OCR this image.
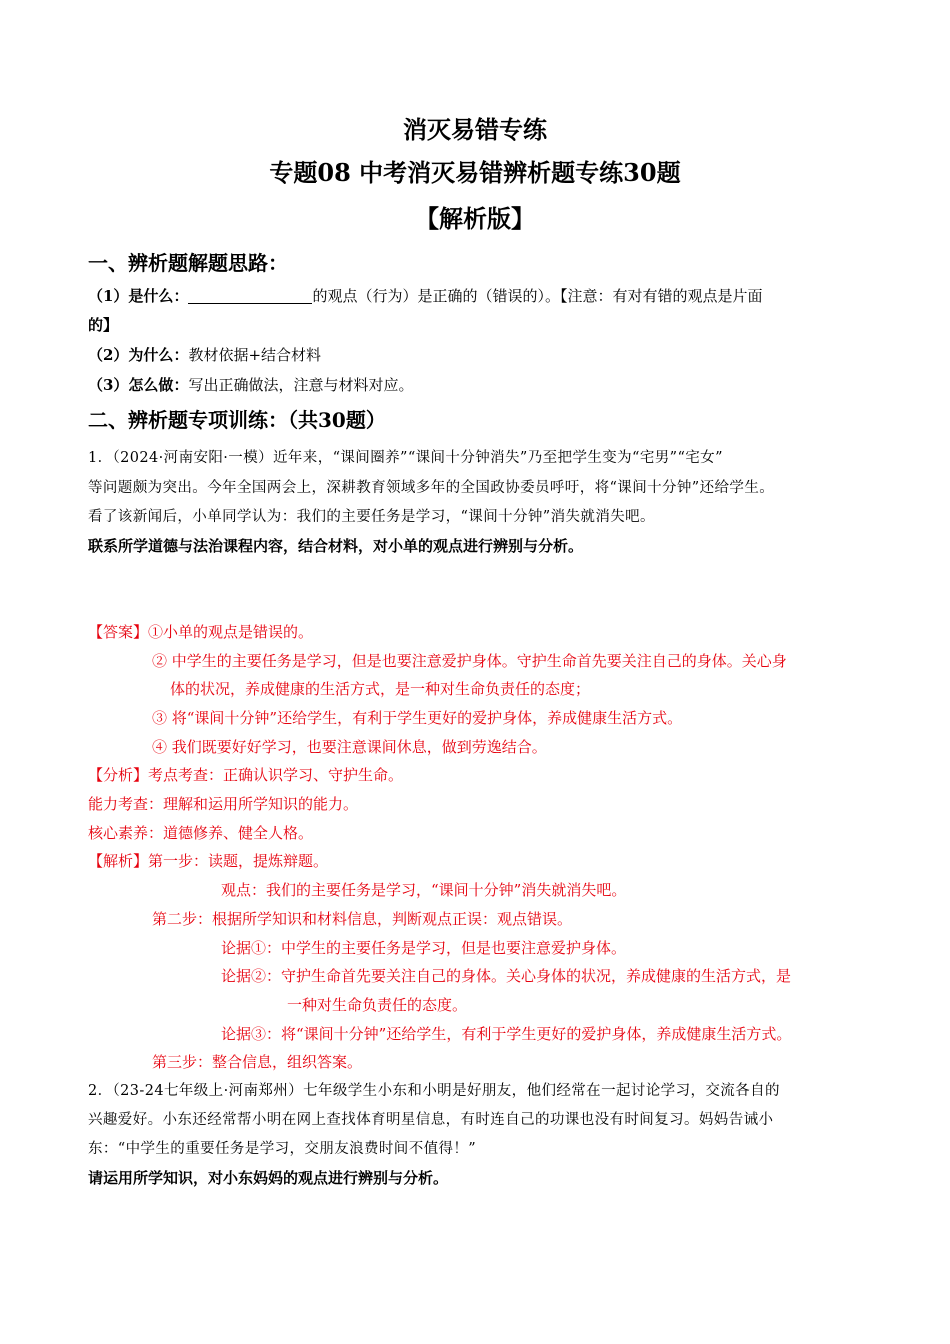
消灭易错专练
专题08 中考消灭易错辨析题专练30题
【解析版】
一、辨析题解题思路：
（1）是什么：	的观点（行为）是正确的（错误的）。【注意：有对有错的观点是片面
的】
（2）为什么：教材依据+结合材料
（3）怎么做：写出正确做法，注意与材料对应。
二、辨析题专项训练：（共30题）
1．（2024·河南安阳·一模）近年来，“课间圈养”“课间十分钟消失”乃至把学生变为“宅男”“宅女”
等问题颇为突出。今年全国两会上，深耕教育领域多年的全国政协委员呼吁，将“课间十分钟”还给学生。
看了该新闻后，小单同学认为：我们的主要任务是学习，“课间十分钟”消失就消失吧。
联系所学道德与法治课程内容，结合材料，对小单的观点进行辨别与分析。
【答案】①小单的观点是错误的。
② 中学生的主要任务是学习，但是也要注意爱护身体。守护生命首先要关注自己的身体。关心身
体的状况，养成健康的生活方式，是一种对生命负责任的态度；
③ 将“课间十分钟”还给学生，有利于学生更好的爱护身体，养成健康生活方式。
④ 我们既要好好学习，也要注意课间休息，做到劳逸结合。
【分析】考点考查：正确认识学习、守护生命。
能力考查：理解和运用所学知识的能力。
核心素养：道德修养、健全人格。
【解析】第一步：读题，提炼辩题。
观点：我们的主要任务是学习，“课间十分钟”消失就消失吧。
第二步：根据所学知识和材料信息，判断观点正误：观点错误。
论据①：中学生的主要任务是学习，但是也要注意爱护身体。
论据②：守护生命首先要关注自己的身体。关心身体的状况，养成健康的生活方式，是
一种对生命负责任的态度。
论据③：将“课间十分钟”还给学生，有利于学生更好的爱护身体，养成健康生活方式。
第三步：整合信息，组织答案。
2．（23-24七年级上·河南郑州）七年级学生小东和小明是好朋友，他们经常在一起讨论学习，交流各自的
兴趣爱好。小东还经常帮小明在网上查找体育明星信息，有时连自己的功课也没有时间复习。妈妈告诫小
东：“中学生的重要任务是学习，交朋友浪费时间不值得！”
请运用所学知识，对小东妈妈的观点进行辨别与分析。
